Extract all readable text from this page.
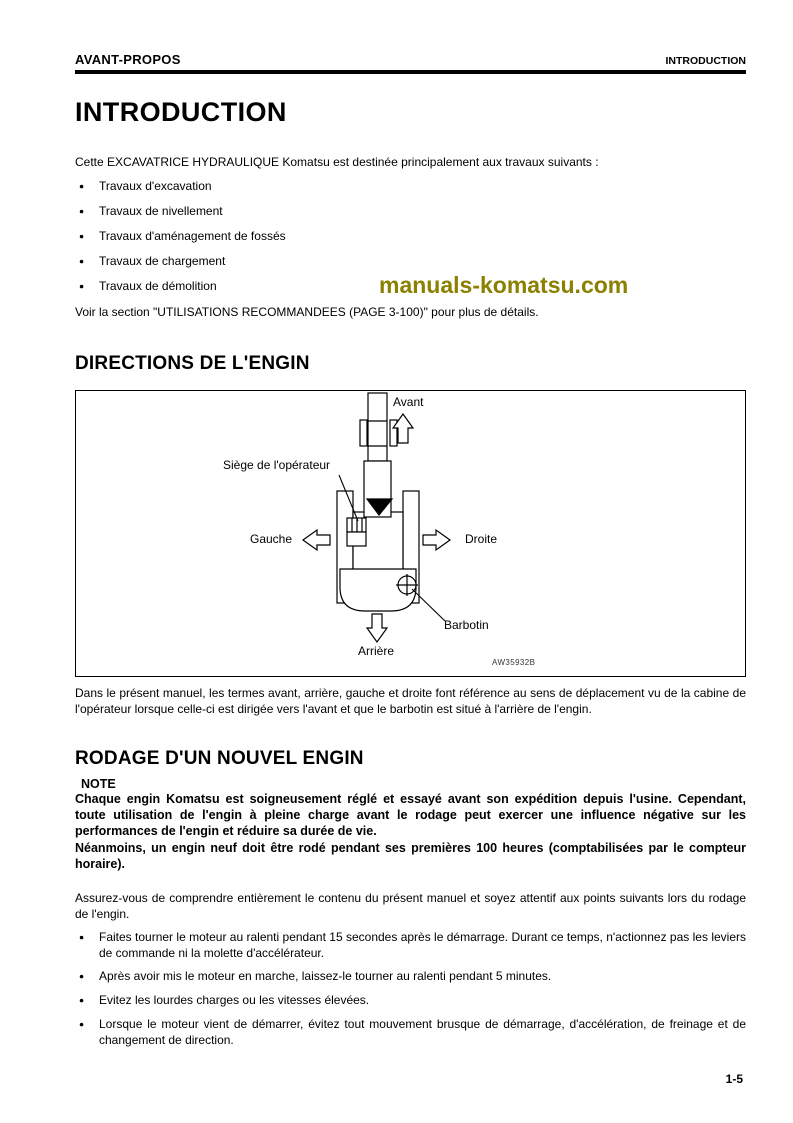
AVANT-PROPOS	INTRODUCTION
INTRODUCTION

Cette EXCAVATRICE HYDRAULIQUE Komatsu est destinée principalement aux travaux suivants :

●
Travaux d'excavation
●
Travaux de nivellement
●
Travaux d'aménagement de fossés
●
Travaux de chargement
●
Travaux de démolition

Voir la section "UTILISATIONS RECOMMANDEES (PAGE 3-100)" pour plus de détails.

DIRECTIONS DE L'ENGIN
Avant
Siège de l'opérateur
Gauche	Droite
Barbotin
Arrière
AW35932B

Dans le présent manuel, les termes avant, arrière, gauche et droite font référence au sens de déplacement vu de la cabine de l'opérateur lorsque celle-ci est dirigée vers l'avant et que le barbotin est situé à l'arrière de l'engin.

RODAGE D'UN NOUVEL ENGIN

NOTE

Chaque engin Komatsu est soigneusement réglé et essayé avant son expédition depuis l'usine. Cependant, toute utilisation de l'engin à pleine charge avant le rodage peut exercer une influence négative sur les performances de l'engin et réduire sa durée de vie.

Néanmoins, un engin neuf doit être rodé pendant ses premières 100 heures (comptabilisées par le compteur horaire).

Assurez-vous de comprendre entièrement le contenu du présent manuel et soyez attentif aux points suivants lors du rodage de l'engin.

●
Faites tourner le moteur au ralenti pendant 15 secondes après le démarrage. Durant ce temps, n'actionnez pas les leviers de commande ni la molette d'accélérateur.
●
Après avoir mis le moteur en marche, laissez-le tourner au ralenti pendant 5 minutes.
●
Evitez les lourdes charges ou les vitesses élevées.
●
Lorsque le moteur vient de démarrer, évitez tout mouvement brusque de démarrage, d'accélération, de freinage et de changement de direction.
manuals-komatsu.com
1-5
